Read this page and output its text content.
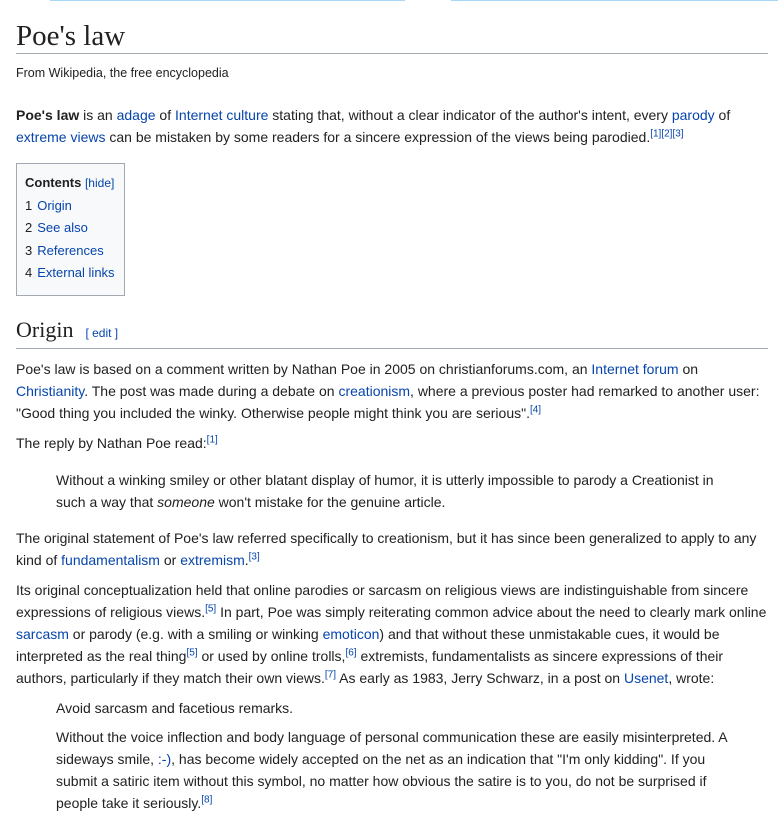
Poe's law
From Wikipedia, the free encyclopedia

Poe's law is an adage of Internet culture stating that, without a clear indicator of the author's intent, every parody of extreme views can be mistaken by some readers for a sincere expression of the views being parodied.[1][2][3]

Contents [hide]
1 Origin
2 See also
3 References
4 External links
Origin [ edit ]

Poe's law is based on a comment written by Nathan Poe in 2005 on christianforums.com, an Internet forum on Christianity. The post was made during a debate on creationism, where a previous poster had remarked to another user: "Good thing you included the winky. Otherwise people might think you are serious".[4]

The reply by Nathan Poe read:[1]

Without a winking smiley or other blatant display of humor, it is utterly impossible to parody a Creationist in such a way that someone won't mistake for the genuine article.

The original statement of Poe's law referred specifically to creationism, but it has since been generalized to apply to any kind of fundamentalism or extremism.[3]

Its original conceptualization held that online parodies or sarcasm on religious views are indistinguishable from sincere expressions of religious views.[5] In part, Poe was simply reiterating common advice about the need to clearly mark online sarcasm or parody (e.g. with a smiling or winking emoticon) and that without these unmistakable cues, it would be interpreted as the real thing[5] or used by online trolls,[6] extremists, fundamentalists as sincere expressions of their authors, particularly if they match their own views.[7] As early as 1983, Jerry Schwarz, in a post on Usenet, wrote:

Avoid sarcasm and facetious remarks.

Without the voice inflection and body language of personal communication these are easily misinterpreted. A sideways smile, :-), has become widely accepted on the net as an indication that "I'm only kidding". If you submit a satiric item without this symbol, no matter how obvious the satire is to you, do not be surprised if people take it seriously.[8]
